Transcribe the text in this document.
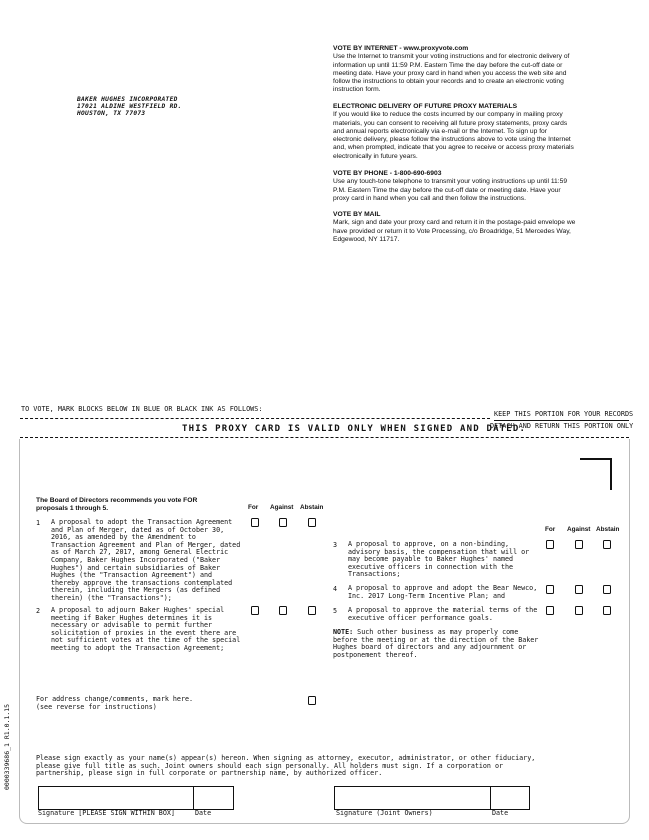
BAKER HUGHES INCORPORATED
17021 ALDINE WESTFIELD RD.
HOUSTON, TX 77073
VOTE BY INTERNET - www.proxyvote.com
Use the Internet to transmit your voting instructions and for electronic delivery of
information up until 11:59 P.M. Eastern Time the day before the cut-off date or
meeting date. Have your proxy card in hand when you access the web site and
follow the instructions to obtain your records and to create an electronic voting
instruction form.
ELECTRONIC DELIVERY OF FUTURE PROXY MATERIALS
If you would like to reduce the costs incurred by our company in mailing proxy
materials, you can consent to receiving all future proxy statements, proxy cards
and annual reports electronically via e-mail or the Internet. To sign up for
electronic delivery, please follow the instructions above to vote using the Internet
and, when prompted, indicate that you agree to receive or access proxy materials
electronically in future years.
VOTE BY PHONE - 1-800-690-6903
Use any touch-tone telephone to transmit your voting instructions up until 11:59
P.M. Eastern Time the day before the cut-off date or meeting date. Have your
proxy card in hand when you call and then follow the instructions.
VOTE BY MAIL
Mark, sign and date your proxy card and return it in the postage-paid envelope we
have provided or return it to Vote Processing, c/o Broadridge, 51 Mercedes Way,
Edgewood, NY 11717.
TO VOTE, MARK BLOCKS BELOW IN BLUE OR BLACK INK AS FOLLOWS:
KEEP THIS PORTION FOR YOUR RECORDS
THIS PROXY CARD IS VALID ONLY WHEN SIGNED AND DATED.
DETACH AND RETURN THIS PORTION ONLY
The Board of Directors recommends you vote FOR
proposals 1 through 5.	For Against Abstain
1 A proposal to adopt the Transaction Agreement
and Plan of Merger, dated as of October 30,
2016, as amended by the Amendment to
Transaction Agreement and Plan of Merger, dated
as of March 27, 2017, among General Electric
Company, Baker Hughes Incorporated ("Baker
Hughes") and certain subsidiaries of Baker
Hughes (the "Transaction Agreement") and
thereby approve the transactions contemplated
therein, including the Mergers (as defined
therein) (the "Transactions");
2 A proposal to adjourn Baker Hughes' special
meeting if Baker Hughes determines it is
necessary or advisable to permit further
solicitation of proxies in the event there are
not sufficient votes at the time of the special
meeting to adopt the Transaction Agreement;
For Against Abstain
3 A proposal to approve, on a non-binding,
advisory basis, the compensation that will or
may become payable to Baker Hughes' named
executive officers in connection with the
Transactions;
4 A proposal to approve and adopt the Bear Newco,
Inc. 2017 Long-Term Incentive Plan; and
5 A proposal to approve the material terms of the
executive officer performance goals.
NOTE: Such other business as may properly come
before the meeting or at the direction of the Baker
Hughes board of directors and any adjournment or
postponement thereof.
For address change/comments, mark here.
(see reverse for instructions)
Please sign exactly as your name(s) appear(s) hereon. When signing as attorney, executor, administrator, or other fiduciary,
please give full title as such. Joint owners should each sign personally. All holders must sign. If a corporation or
partnership, please sign in full corporate or partnership name, by authorized officer.
Signature [PLEASE SIGN WITHIN BOX]	Date	Signature (Joint Owners)	Date
0000339686_1 R1.0.1.15
